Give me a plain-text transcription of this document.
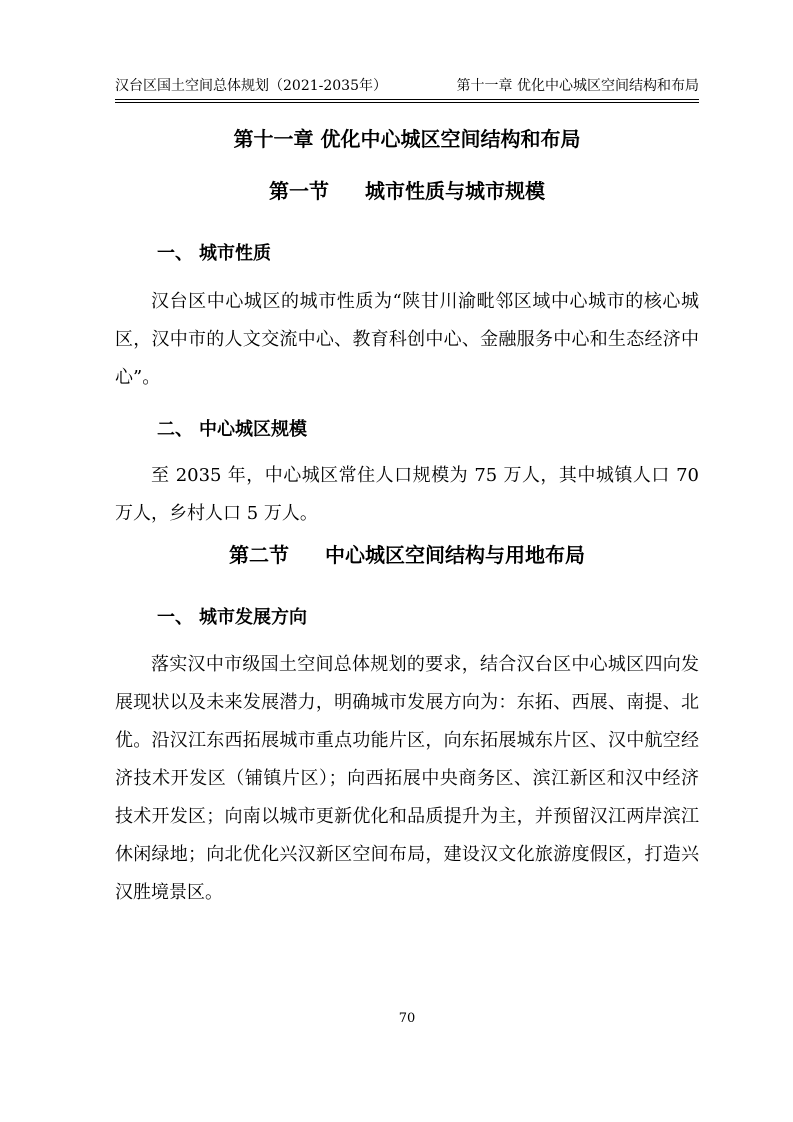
汉台区国土空间总体规划（2021-2035年）	第十一章 优化中心城区空间结构和布局
第十一章 优化中心城区空间结构和布局
第一节 城市性质与城市规模
一、 城市性质

汉台区中心城区的城市性质为“陕甘川渝毗邻区域中心城市的核心城区，汉中市的人文交流中心、教育科创中心、金融服务中心和生态经济中心”。

二、 中心城区规模

至 2035 年，中心城区常住人口规模为 75 万人，其中城镇人口 70 万人，乡村人口 5 万人。

第二节 中心城区空间结构与用地布局
一、 城市发展方向

落实汉中市级国土空间总体规划的要求，结合汉台区中心城区四向发展现状以及未来发展潜力，明确城市发展方向为：东拓、西展、南提、北优。沿汉江东西拓展城市重点功能片区，向东拓展城东片区、汉中航空经济技术开发区（铺镇片区）；向西拓展中央商务区、滨江新区和汉中经济技术开发区；向南以城市更新优化和品质提升为主，并预留汉江两岸滨江休闲绿地；向北优化兴汉新区空间布局，建设汉文化旅游度假区，打造兴汉胜境景区。

70
